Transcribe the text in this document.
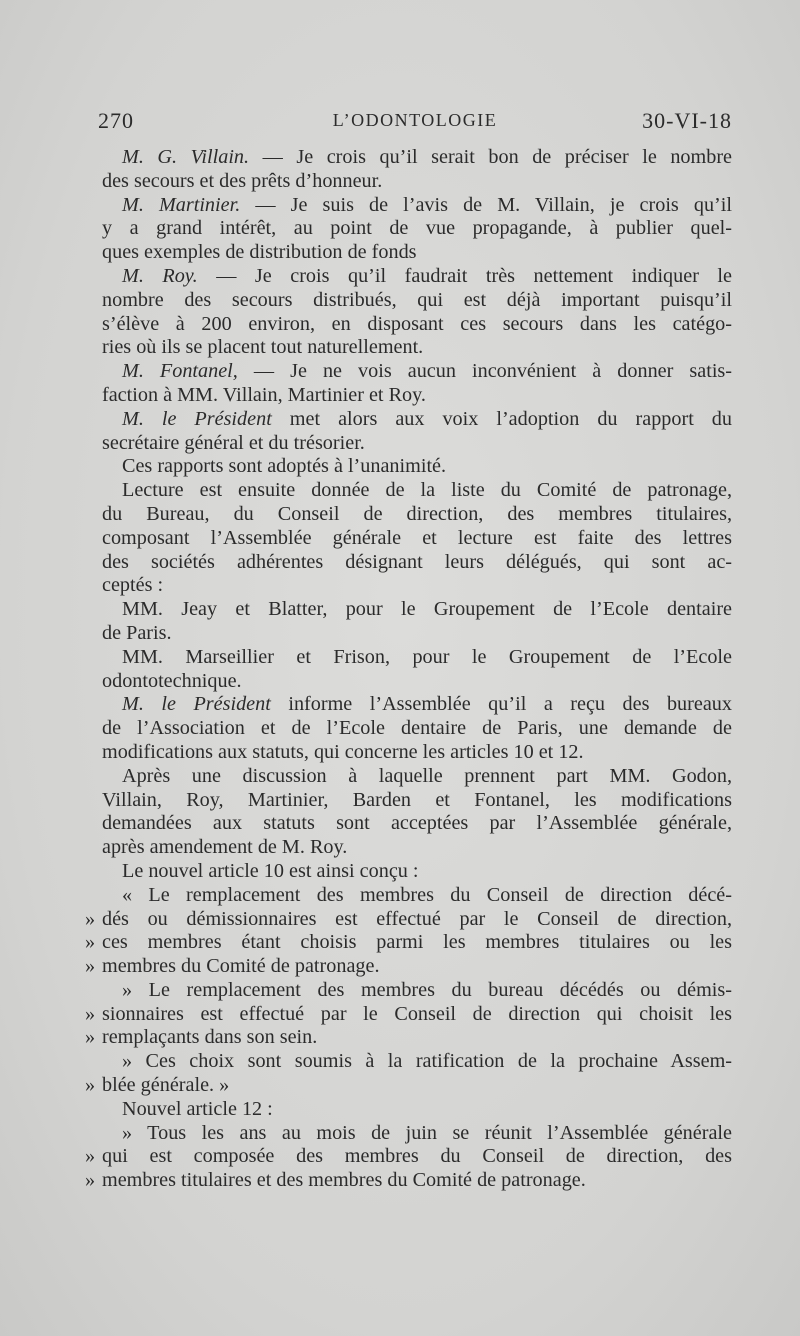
270	L’ODONTOLOGIE	30-VI-18
M. G. Villain. — Je crois qu’il serait bon de préciser le nombre
des secours et des prêts d’honneur.
M. Martinier. — Je suis de l’avis de M. Villain, je crois qu’il
y a grand intérêt, au point de vue propagande, à publier quel-
ques exemples de distribution de fonds
M. Roy. — Je crois qu’il faudrait très nettement indiquer le
nombre des secours distribués, qui est déjà important puisqu’il
s’élève à 200 environ, en disposant ces secours dans les catégo-
ries où ils se placent tout naturellement.
M. Fontanel, — Je ne vois aucun inconvénient à donner satis-
faction à MM. Villain, Martinier et Roy.
M. le Président met alors aux voix l’adoption du rapport du
secrétaire général et du trésorier.
Ces rapports sont adoptés à l’unanimité.
Lecture est ensuite donnée de la liste du Comité de patronage,
du Bureau, du Conseil de direction, des membres titulaires,
composant l’Assemblée générale et lecture est faite des lettres
des sociétés adhérentes désignant leurs délégués, qui sont ac-
ceptés :
MM. Jeay et Blatter, pour le Groupement de l’Ecole dentaire
de Paris.
MM. Marseillier et Frison, pour le Groupement de l’Ecole
odontotechnique.
M. le Président informe l’Assemblée qu’il a reçu des bureaux
de l’Association et de l’Ecole dentaire de Paris, une demande de
modifications aux statuts, qui concerne les articles 10 et 12.
Après une discussion à laquelle prennent part MM. Godon,
Villain, Roy, Martinier, Barden et Fontanel, les modifications
demandées aux statuts sont acceptées par l’Assemblée générale,
après amendement de M. Roy.
Le nouvel article 10 est ainsi conçu :
« Le remplacement des membres du Conseil de direction décé-
» dés ou démissionnaires est effectué par le Conseil de direction,
» ces membres étant choisis parmi les membres titulaires ou les
» membres du Comité de patronage.
» Le remplacement des membres du bureau décédés ou démis-
» sionnaires est effectué par le Conseil de direction qui choisit les
» remplaçants dans son sein.
» Ces choix sont soumis à la ratification de la prochaine Assem-
» blée générale. »
Nouvel article 12 :
» Tous les ans au mois de juin se réunit l’Assemblée générale
» qui est composée des membres du Conseil de direction, des
» membres titulaires et des membres du Comité de patronage.
